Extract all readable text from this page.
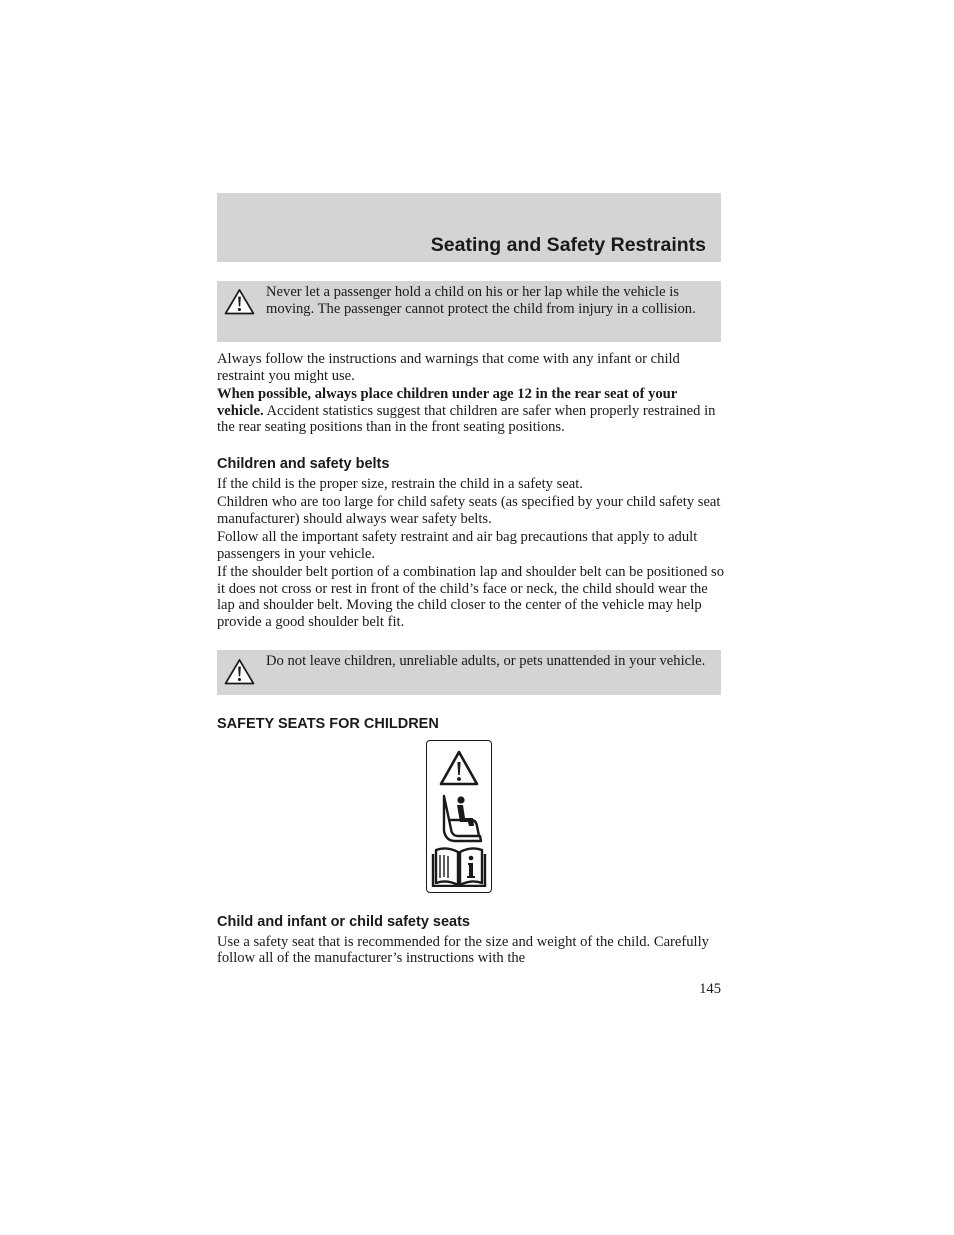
Seating and Safety Restraints
Never let a passenger hold a child on his or her lap while the vehicle is moving. The passenger cannot protect the child from injury in a collision.

Always follow the instructions and warnings that come with any infant or child restraint you might use.

When possible, always place children under age 12 in the rear seat of your vehicle. Accident statistics suggest that children are safer when properly restrained in the rear seating positions than in the front seating positions.

Children and safety belts

If the child is the proper size, restrain the child in a safety seat.

Children who are too large for child safety seats (as specified by your child safety seat manufacturer) should always wear safety belts.

Follow all the important safety restraint and air bag precautions that apply to adult passengers in your vehicle.

If the shoulder belt portion of a combination lap and shoulder belt can be positioned so it does not cross or rest in front of the child’s face or neck, the child should wear the lap and shoulder belt. Moving the child closer to the center of the vehicle may help provide a good shoulder belt fit.

Do not leave children, unreliable adults, or pets unattended in your vehicle.
SAFETY SEATS FOR CHILDREN
Child and infant or child safety seats

Use a safety seat that is recommended for the size and weight of the child. Carefully follow all of the manufacturer’s instructions with the

145
